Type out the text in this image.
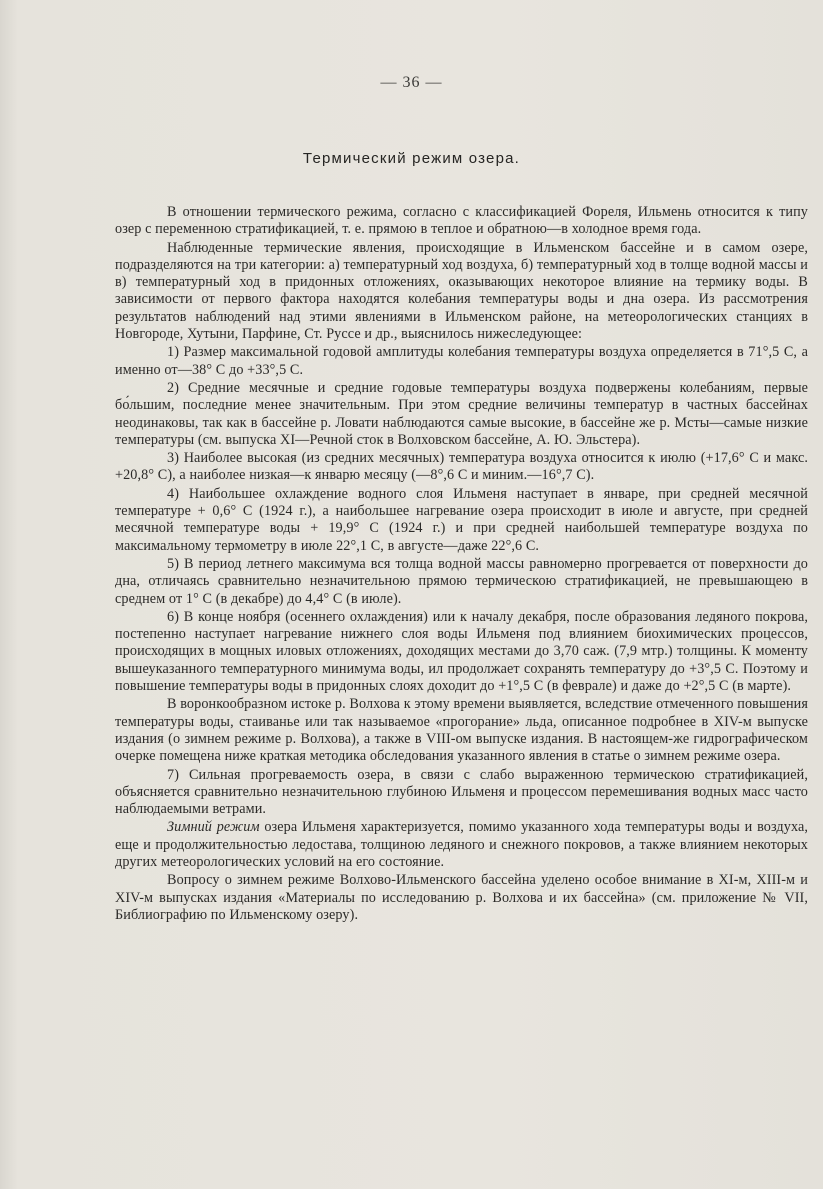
— 36 —
Термический режим озера.

В отношении термического режима, согласно с классификацией Фореля, Ильмень относится к типу озер с переменною стратификацией, т. е. прямою в теплое и обратною—в холодное время года.

Наблюденные термические явления, происходящие в Ильменском бассейне и в самом озере, подразделяются на три категории: а) температурный ход воздуха, б) температурный ход в толще водной массы и в) температурный ход в придонных отложениях, оказывающих некоторое влияние на термику воды. В зависимости от первого фактора находятся колебания температуры воды и дна озера. Из рассмотрения результатов наблюдений над этими явлениями в Ильменском районе, на метеорологических станциях в Новгороде, Хутыни, Парфине, Ст. Руссе и др., выяснилось нижеследующее:

1) Размер максимальной годовой амплитуды колебания температуры воздуха определяется в 71°,5 С, а именно от—38° С до +33°,5 С.

2) Средние месячные и средние годовые температуры воздуха подвержены колебаниям, первые бо́льшим, последние менее значительным. При этом средние величины температур в частных бассейнах неодинаковы, так как в бассейне р. Ловати наблюдаются самые высокие, в бассейне же р. Мсты—самые низкие температуры (см. выпуска XI—Речной сток в Волховском бассейне, А. Ю. Эльстера).

3) Наиболее высокая (из средних месячных) температура воздуха относится к июлю (+17,6° С и макс. +20,8° С), а наиболее низкая—к январю месяцу (—8°,6 С и миним.—16°,7 С).

4) Наибольшее охлаждение водного слоя Ильменя наступает в январе, при средней месячной температуре + 0,6° С (1924 г.), а наибольшее нагревание озера происходит в июле и августе, при средней месячной температуре воды + 19,9° С (1924 г.) и при средней наибольшей температуре воздуха по максимальному термометру в июле 22°,1 С, в августе—даже 22°,6 С.

5) В период летнего максимума вся толща водной массы равномерно прогревается от поверхности до дна, отличаясь сравнительно незначительною прямою термическою стратификацией, не превышающею в среднем от 1° С (в декабре) до 4,4° С (в июле).

6) В конце ноября (осеннего охлаждения) или к началу декабря, после образования ледяного покрова, постепенно наступает нагревание нижнего слоя воды Ильменя под влиянием биохимических процессов, происходящих в мощных иловых отложениях, доходящих местами до 3,70 саж. (7,9 мтр.) толщины. К моменту вышеуказанного температурного минимума воды, ил продолжает сохранять температуру до +3°,5 С. Поэтому и повышение температуры воды в придонных слоях доходит до +1°,5 С (в феврале) и даже до +2°,5 С (в марте).

В воронкообразном истоке р. Волхова к этому времени выявляется, вследствие отмеченного повышения температуры воды, стаиванье или так называемое «прогорание» льда, описанное подробнее в XIV-м выпуске издания (о зимнем режиме р. Волхова), а также в VIII-ом выпуске издания. В настоящем-же гидрографическом очерке помещена ниже краткая методика обследования указанного явления в статье о зимнем режиме озера.

7) Сильная прогреваемость озера, в связи с слабо выраженною термическою стратификацией, объясняется сравнительно незначительною глубиною Ильменя и процессом перемешивания водных масс часто наблюдаемыми ветрами.

Зимний режим озера Ильменя характеризуется, помимо указанного хода температуры воды и воздуха, еще и продолжительностью ледостава, толщиною ледяного и снежного покровов, а также влиянием некоторых других метеорологических условий на его состояние.

Вопросу о зимнем режиме Волхово-Ильменского бассейна уделено особое внимание в XI-м, XIII-м и XIV-м выпусках издания «Материалы по исследованию р. Волхова и их бассейна» (см. приложение № VII, Библиографию по Ильменскому озеру).
